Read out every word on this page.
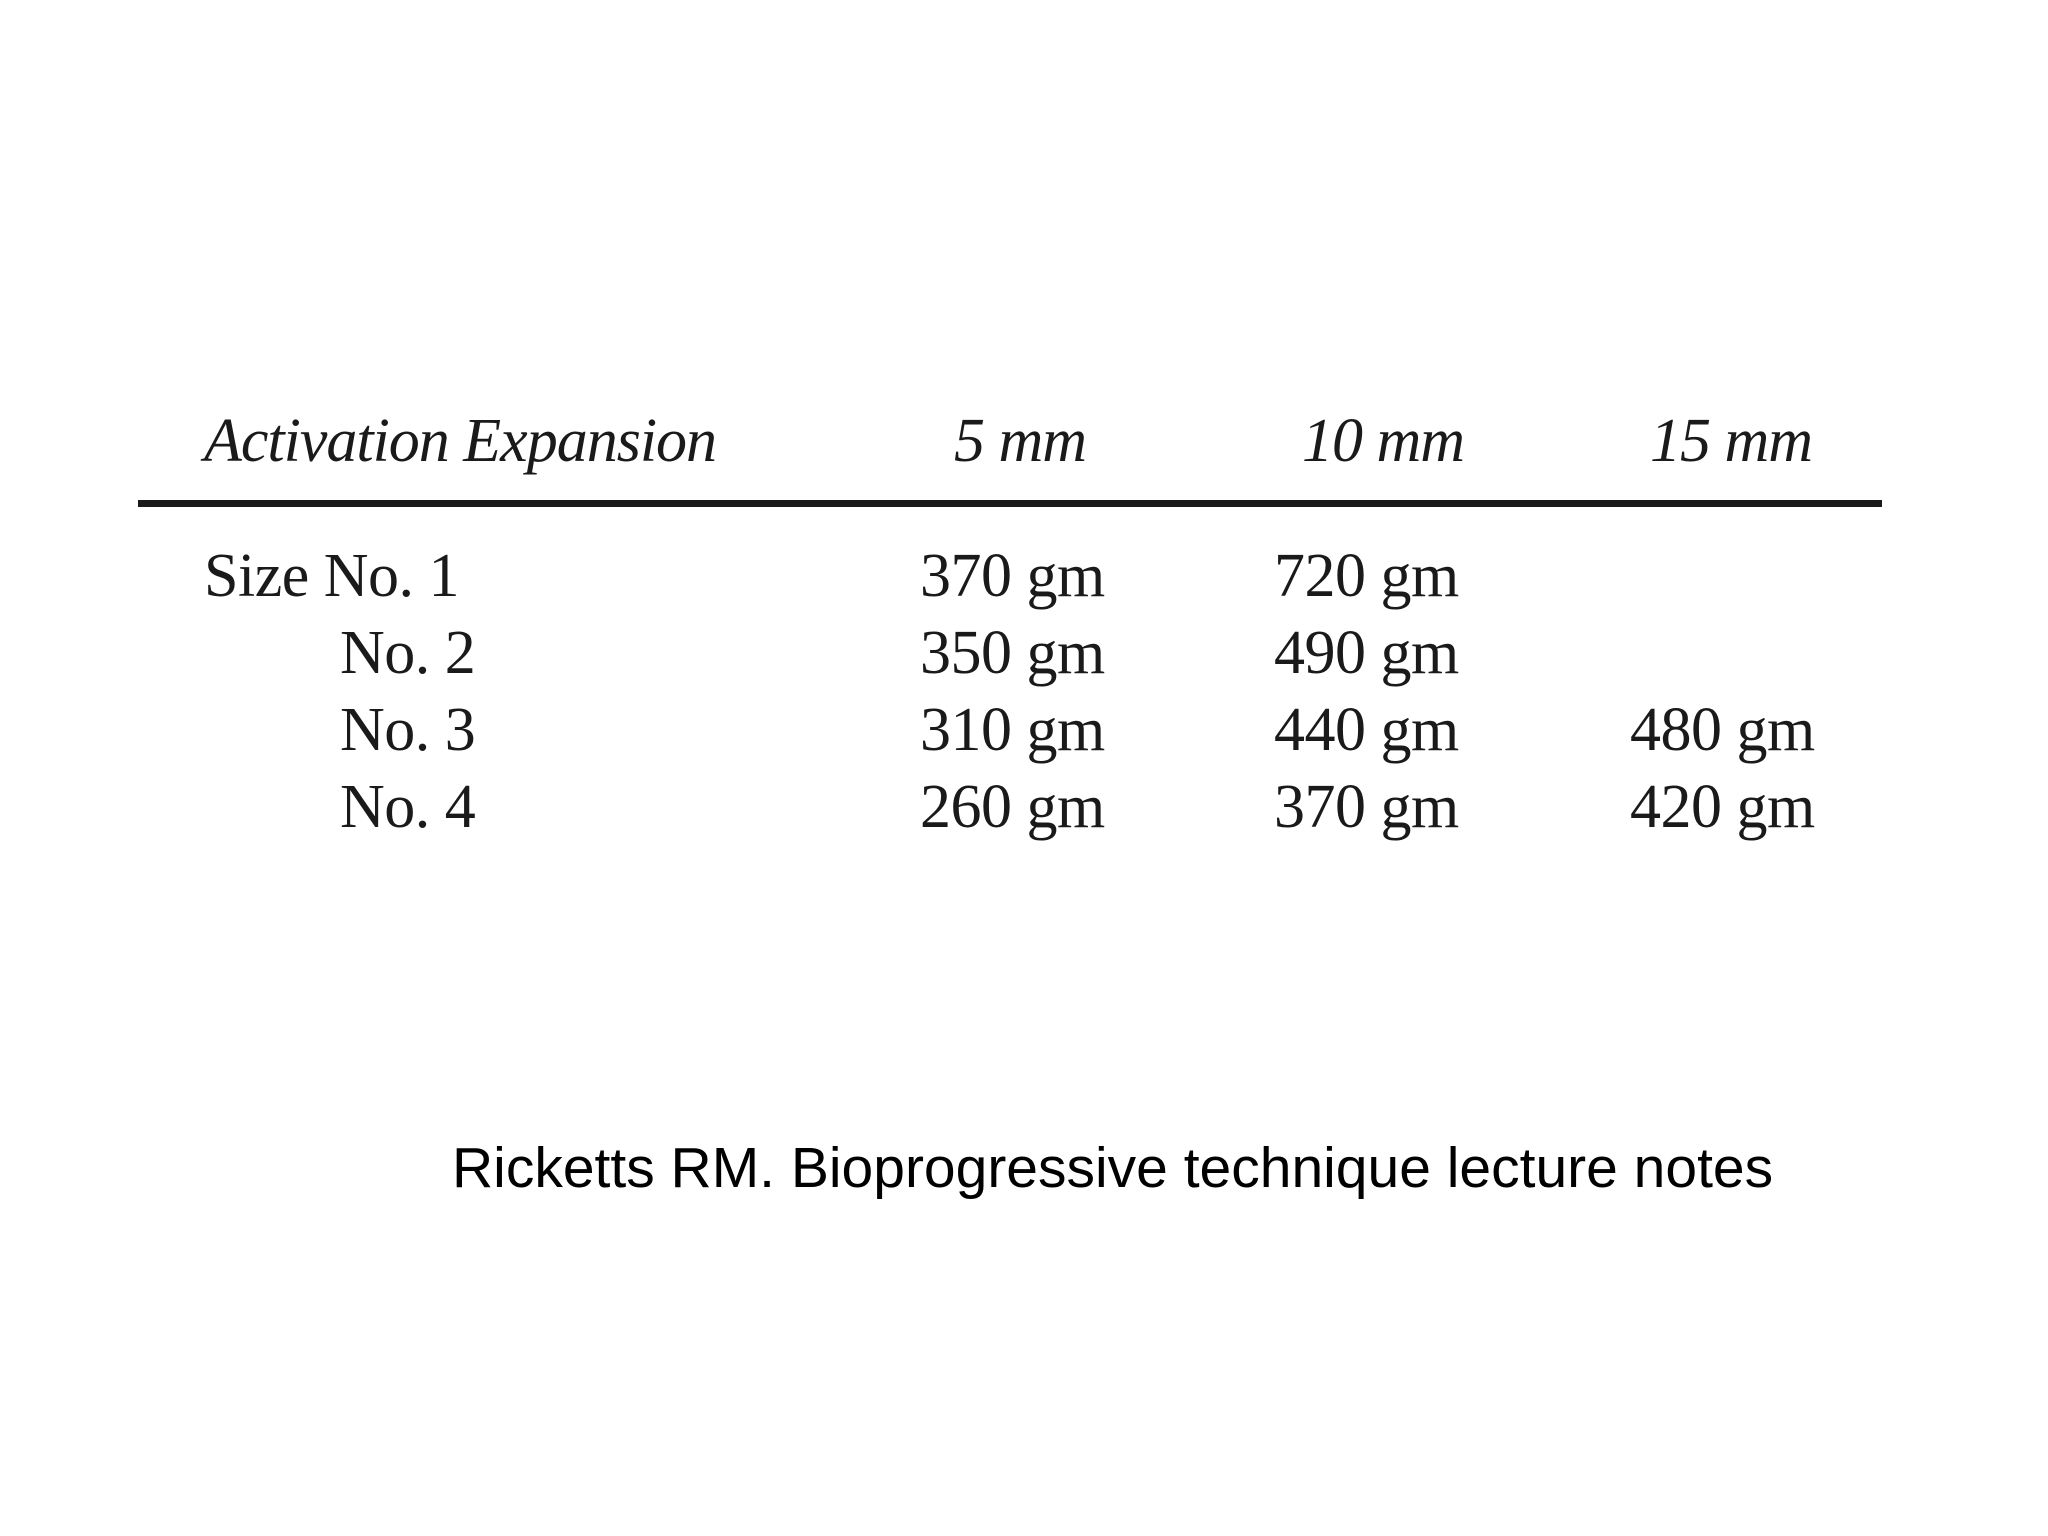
Activation Expansion	5 mm	10 mm	15 mm
Size No. 1	370 gm	720 gm
No. 2	350 gm	490 gm
No. 3	310 gm	440 gm	480 gm
No. 4	260 gm	370 gm	420 gm
Ricketts RM. Bioprogressive technique lecture notes
